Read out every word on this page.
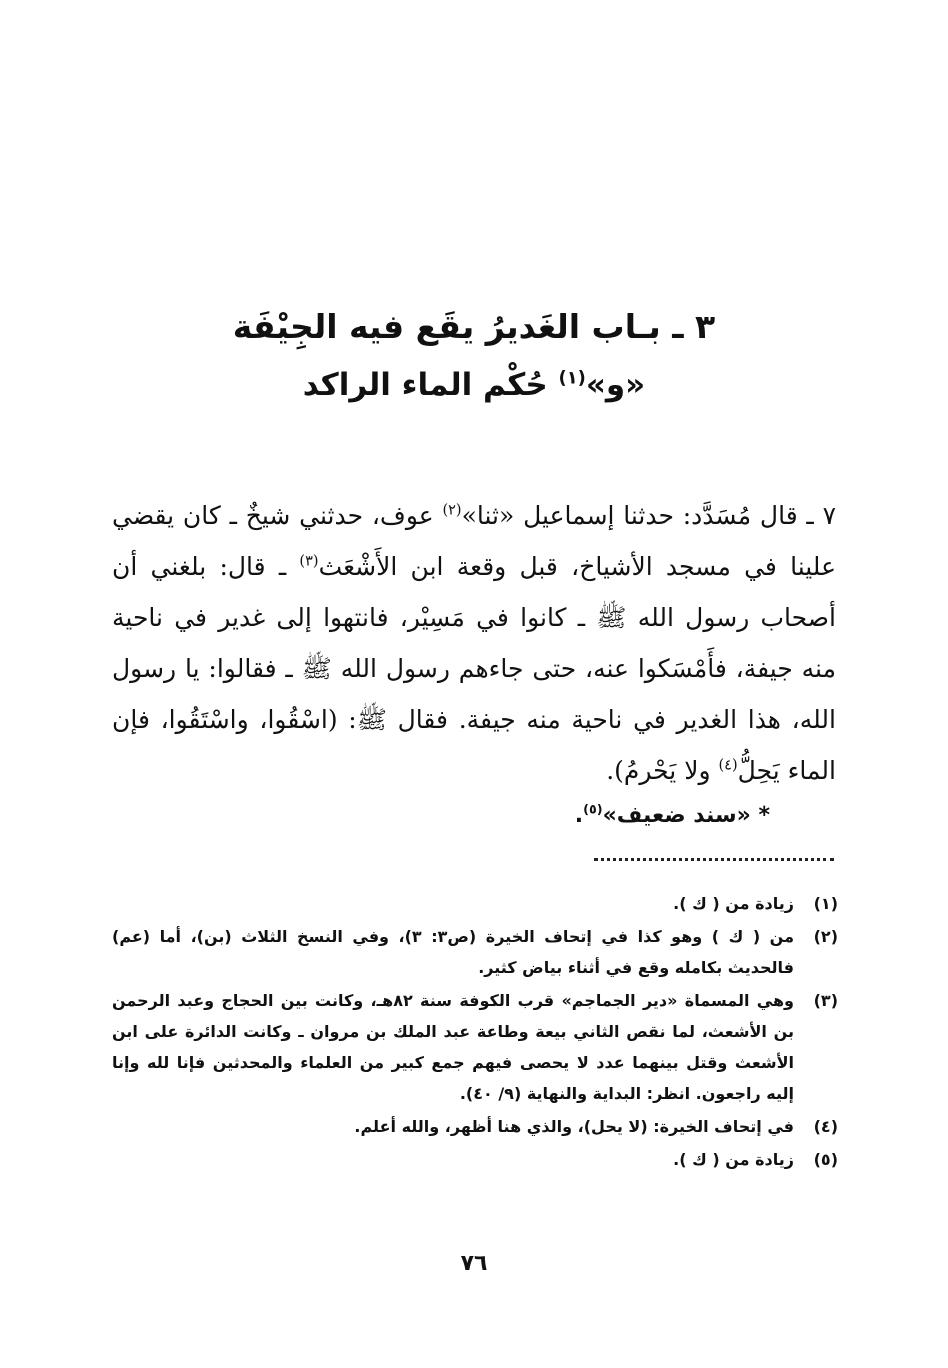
٣ ـ بـاب الغَديرُ يقَع فيه الجِيْفَة
«و»$^{(١)}$ حُكْم الماء الراكد
٧ ـ قال مُسَدَّد: حدثنا إسماعيل «ثنا»$^{(٢)}$ عوف، حدثني شيخٌ ـ كان يقضي علينا في مسجد الأشياخ، قبل وقعة ابن الأَشْعَث$^{(٣)}$ ـ قال: بلغني أن أصحاب رسول الله ﷺ ـ كانوا في مَسِيْر، فانتهوا إلى غدير في ناحية منه جيفة، فأَمْسَكوا عنه، حتى جاءهم رسول الله ﷺ ـ فقالوا: يا رسول الله، هذا الغدير في ناحية منه جيفة. فقال ﷺ: (اسْقُوا، واسْتَقُوا، فإن الماء يَحِلُّ$^{(٤)}$ ولا يَحْرمُ).
* «سند ضعيف»$^{(٥)}$.
(١)
زيادة من ( ك ).
(٢)
من ( ك ) وهو كذا في إتحاف الخيرة (ص٣: ٣)، وفي النسخ الثلاث (بن)، أما (عم) فالحديث بكامله وقع في أثناء بياض كثير.
(٣)
وهي المسماة «دير الجماجم» قرب الكوفة سنة ٨٢هـ، وكانت بين الحجاج وعبد الرحمن بن الأشعث، لما نقص الثاني بيعة وطاعة عبد الملك بن مروان ـ وكانت الدائرة على ابن الأشعث وقتل بينهما عدد لا يحصى فيهم جمع كبير من العلماء والمحدثين فإنا لله وإنا إليه راجعون. انظر: البداية والنهاية (٩/ ٤٠).
(٤)
في إتحاف الخيرة: (لا يحل)، والذي هنا أظهر، والله أعلم.
(٥)
زيادة من ( ك ).
٧٦
